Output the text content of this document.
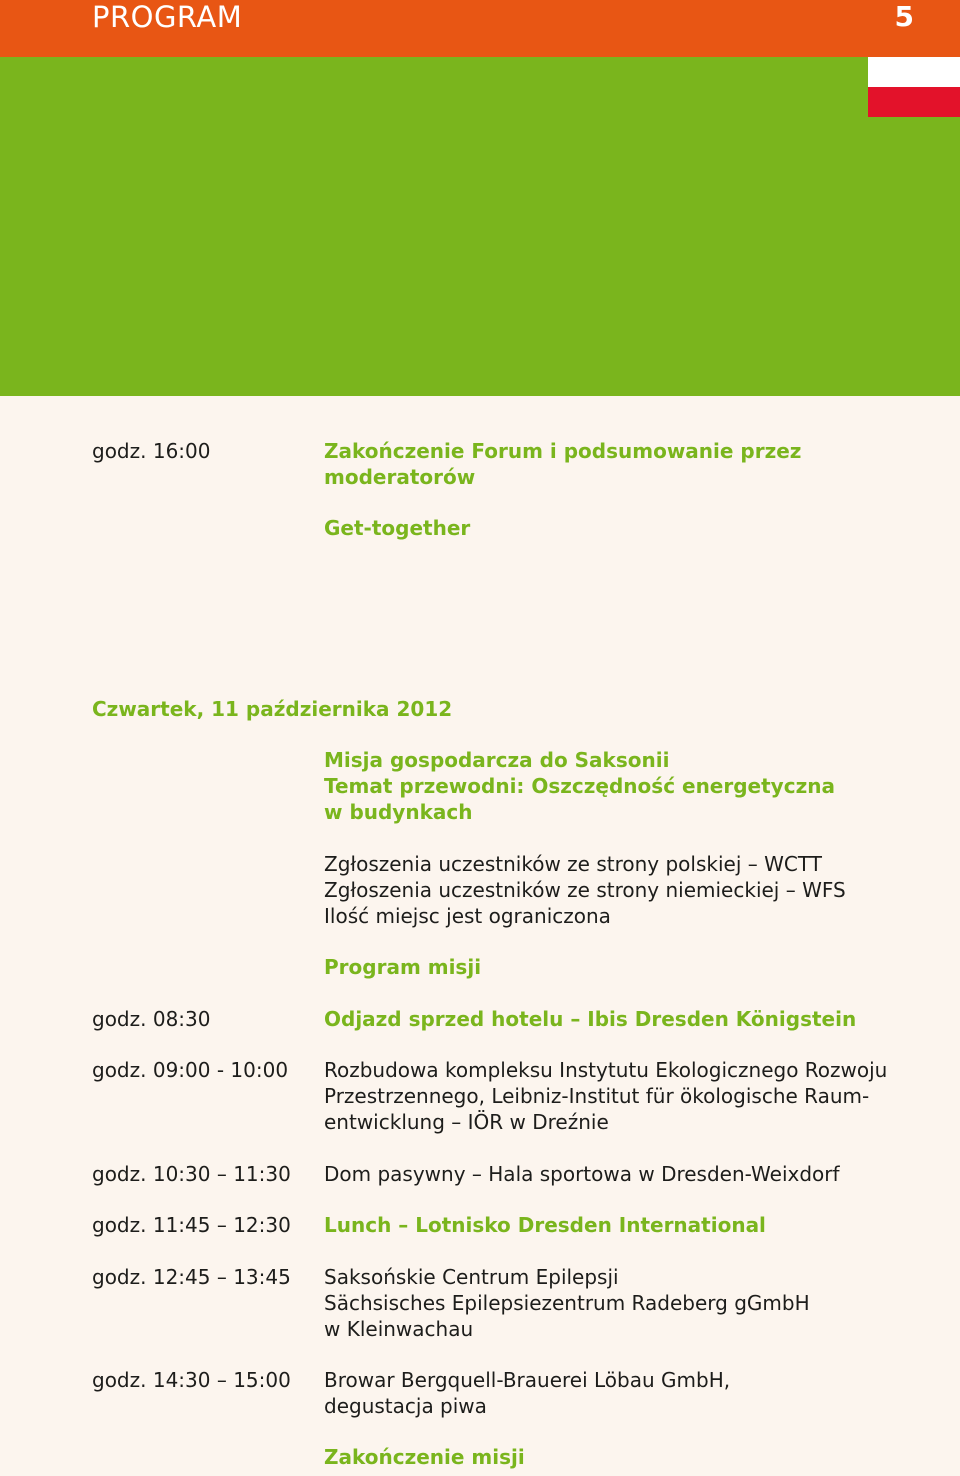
PROGRAM	5
godz. 16:00	Zakończenie Forum i podsumowanie przez
moderatorów
Get-together
Czwartek, 11 października 2012
Misja gospodarcza do Saksonii
Temat przewodni: Oszczędność energetyczna
w budynkach
Zgłoszenia uczestników ze strony polskiej – WCTT
Zgłoszenia uczestników ze strony niemieckiej – WFS
Ilość miejsc jest ograniczona
Program misji
godz. 08:30	Odjazd sprzed hotelu – Ibis Dresden Königstein
godz. 09:00 - 10:00 Rozbudowa kompleksu Instytutu Ekologicznego Rozwoju
Przestrzennego, Leibniz-Institut für ökologische Raum-
entwicklung – IÖR w Dreźnie
godz. 10:30 – 11:30 Dom pasywny – Hala sportowa w Dresden-Weixdorf
godz. 11:45 – 12:30 Lunch – Lotnisko Dresden International
godz. 12:45 – 13:45 Saksońskie Centrum Epilepsji
Sächsisches Epilepsiezentrum Radeberg gGmbH
w Kleinwachau
godz. 14:30 – 15:00 Browar Bergquell-Brauerei Löbau GmbH,
degustacja piwa
Zakończenie misji
